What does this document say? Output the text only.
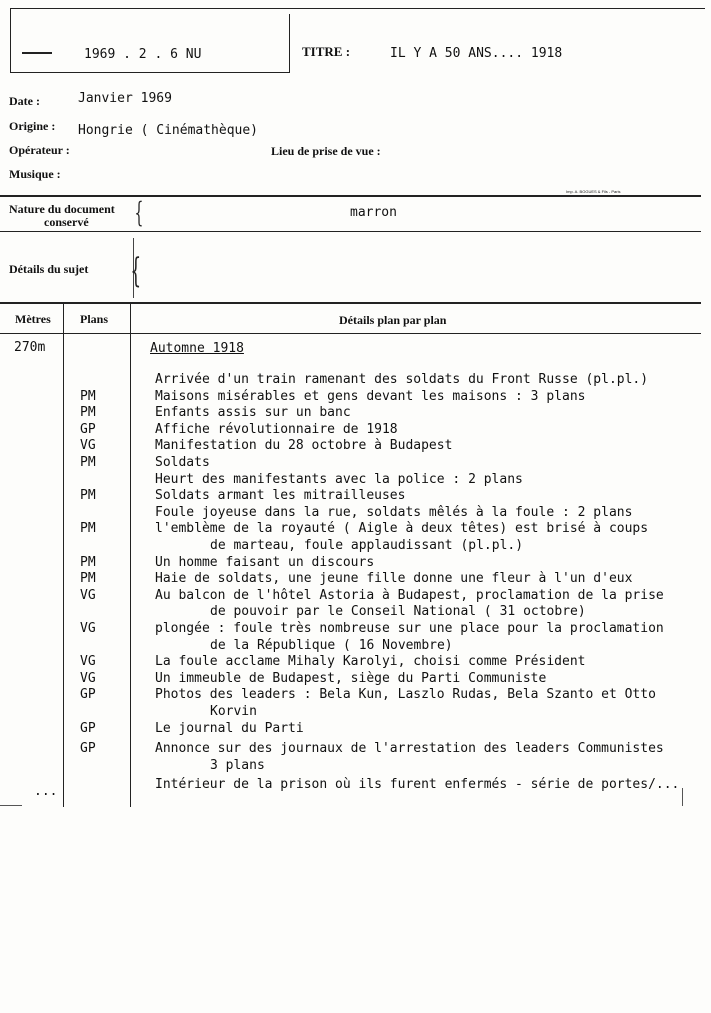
1969 . 2 . 6 NU	TITRE :	IL Y A 50 ANS.... 1918
Date :	Janvier 1969
Origine : Hongrie ( Cinémathèque)
Opérateur :	Lieu de prise de vue :
Musique :
Imp. A. BOGUES & Fils - Paris
Nature du document
conservé {	marron
Détails du sujet {
Mètres Plans	Détails plan par plan
270m	Automne 1918
Arrivée d'un train ramenant des soldats du Front Russe (pl.pl.)
PM	Maisons misérables et gens devant les maisons : 3 plans
PM	Enfants assis sur un banc
GP	Affiche révolutionnaire de 1918
VG	Manifestation du 28 octobre à Budapest
PM	Soldats
Heurt des manifestants avec la police : 2 plans
PM	Soldats armant les mitrailleuses
Foule joyeuse dans la rue, soldats mêlés à la foule : 2 plans
PM	l'emblème de la royauté ( Aigle à deux têtes) est brisé à coups
de marteau, foule applaudissant (pl.pl.)
PM	Un homme faisant un discours
PM	Haie de soldats, une jeune fille donne une fleur à l'un d'eux
VG	Au balcon de l'hôtel Astoria à Budapest, proclamation de la prise
de pouvoir par le Conseil National ( 31 octobre)
VG	plongée : foule très nombreuse sur une place pour la proclamation
de la République ( 16 Novembre)
VG	La foule acclame Mihaly Karolyi, choisi comme Président
VG	Un immeuble de Budapest, siège du Parti Communiste
GP	Photos des leaders : Bela Kun, Laszlo Rudas, Bela Szanto et Otto
Korvin
GP	Le journal du Parti
GP	Annonce sur des journaux de l'arrestation des leaders Communistes
3 plans
Intérieur de la prison où ils furent enfermés - série de portes/...
...
